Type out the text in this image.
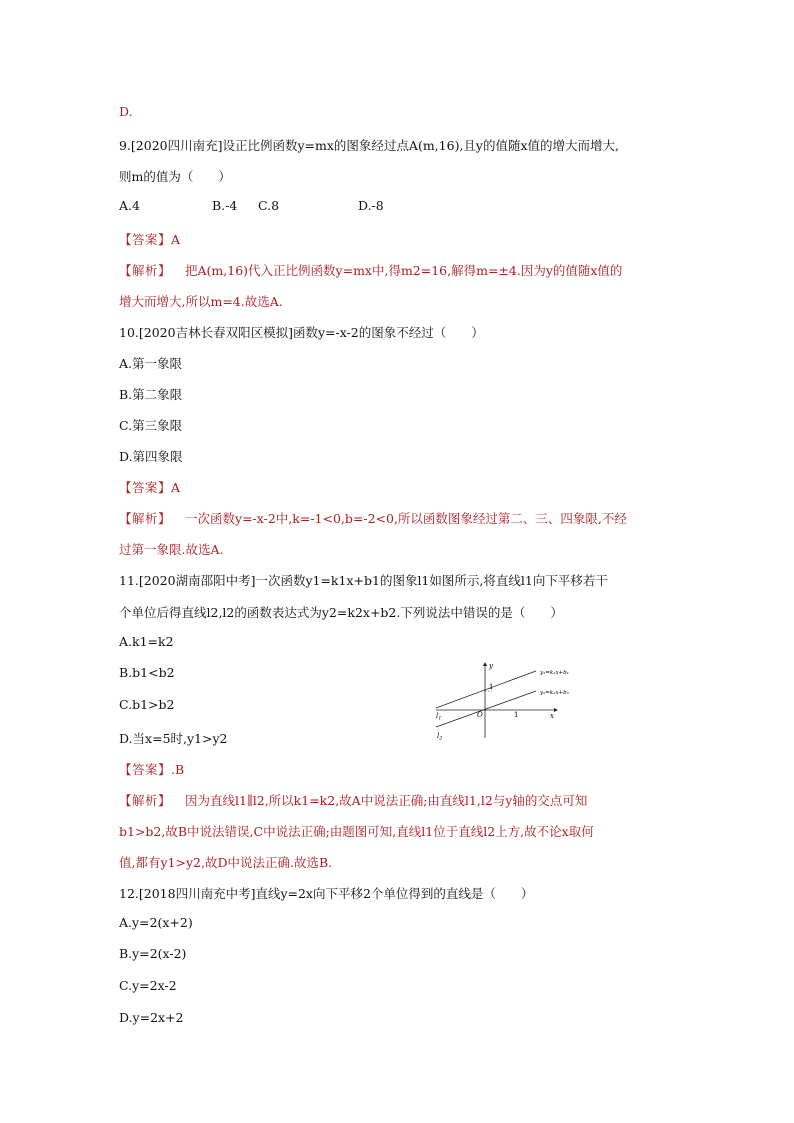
D.
9.[2020四川南充]设正比例函数y=mx的图象经过点A(m,16),且y的值随x值的增大而增大,
则m的值为（　　）
A.4	B.-4 C.8	D.-8
【答案】A
【解析】 把A(m,16)代入正比例函数y=mx中,得m2=16,解得m=±4.因为y的值随x值的
增大而增大,所以m=4.故选A.
10.[2020吉林长春双阳区模拟]函数y=-x-2的图象不经过（　　）
A.第一象限
B.第二象限
C.第三象限
D.第四象限
【答案】A
【解析】 一次函数y=-x-2中,k=-1<0,b=-2<0,所以函数图象经过第二、三、四象限,不经
过第一象限.故选A.
11.[2020湖南邵阳中考]一次函数y1=k1x+b1的图象l1如图所示,将直线l1向下平移若干
个单位后得直线l2,l2的函数表达式为y2=k2x+b2.下列说法中错误的是（　　）
A.k1=k2
B.b1<b2
C.b1>b2
D.当x=5时,y1>y2
y
x
O
1
1
$l_1$
$l_2$
y₁=k₁x+b₁
y₂=k₂x+b₂
【答案】.B
【解析】 因为直线l1∥l2,所以k1=k2,故A中说法正确;由直线l1,l2与y轴的交点可知
b1>b2,故B中说法错误,C中说法正确;由题图可知,直线l1位于直线l2上方,故不论x取何
值,都有y1>y2,故D中说法正确.故选B.
12.[2018四川南充中考]直线y=2x向下平移2个单位得到的直线是（　　）
A.y=2(x+2)
B.y=2(x-2)
C.y=2x-2
D.y=2x+2
